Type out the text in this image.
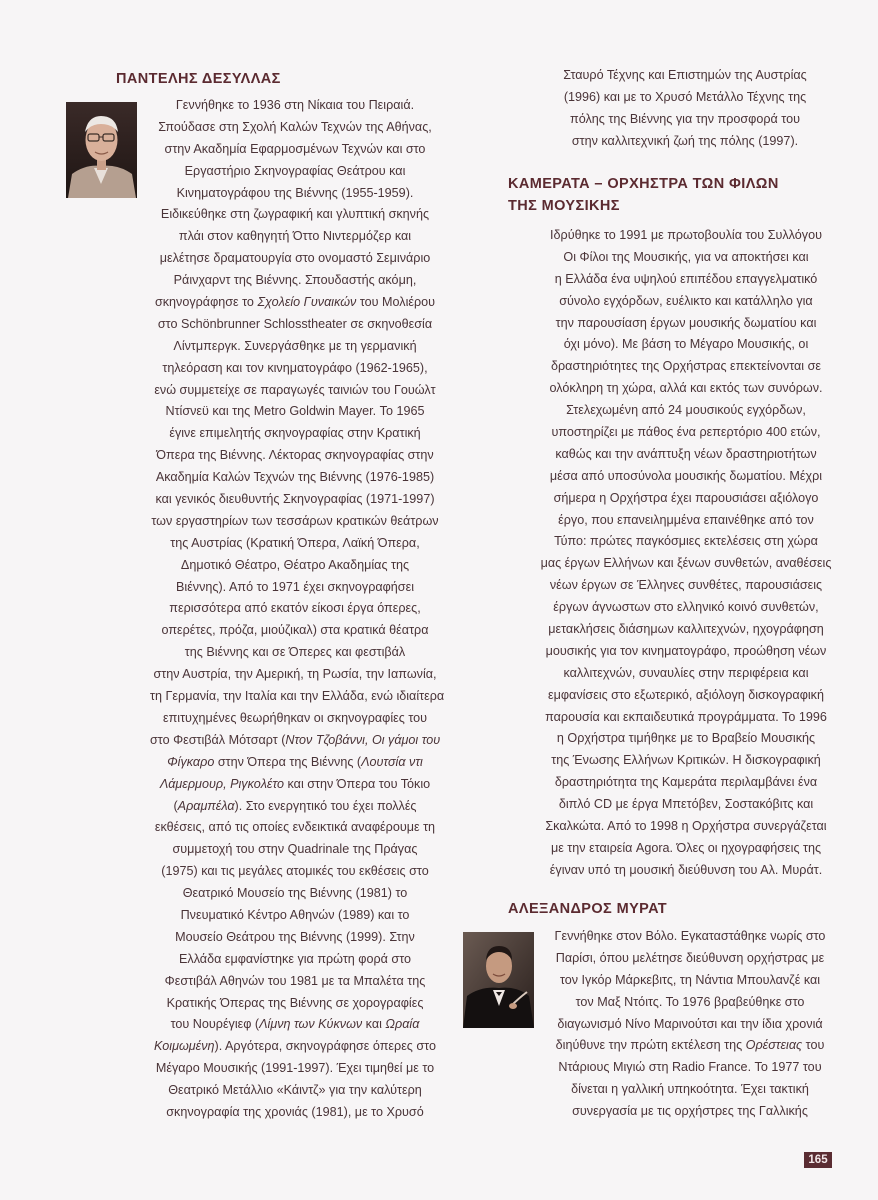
ΠΑΝΤΕΛΗΣ ΔΕΣΥΛΛΑΣ
Γεννήθηκε το 1936 στη Νίκαια του Πειραιά.
Σπούδασε στη Σχολή Καλών Τεχνών της Αθήνας,
στην Ακαδημία Εφαρμοσμένων Τεχνών και στο
Εργαστήριο Σκηνογραφίας Θεάτρου και
Κινηματογράφου της Βιέννης (1955-1959).
Ειδικεύθηκε στη ζωγραφική και γλυπτική σκηνής
πλάι στον καθηγητή Όττο Νιντερμόζερ και
μελέτησε δραματουργία στο ονομαστό Σεμινάριο
Ράινχαρντ της Βιέννης. Σπουδαστής ακόμη,
σκηνογράφησε το Σχολείο Γυναικών του Μολιέρου
στο Schönbrunner Schlosstheater σε σκηνοθεσία
Λίντμπεργκ. Συνεργάσθηκε με τη γερμανική
τηλεόραση και τον κινηματογράφο (1962-1965),
ενώ συμμετείχε σε παραγωγές ταινιών του Γουώλτ
Ντίσνεϋ και της Metro Goldwin Mayer. Το 1965
έγινε επιμελητής σκηνογραφίας στην Κρατική
Όπερα της Βιέννης. Λέκτορας σκηνογραφίας στην
Ακαδημία Καλών Τεχνών της Βιέννης (1976-1985)
και γενικός διευθυντής Σκηνογραφίας (1971-1997)
των εργαστηρίων των τεσσάρων κρατικών θεάτρων
της Αυστρίας (Κρατική Όπερα, Λαϊκή Όπερα,
Δημοτικό Θέατρο, Θέατρο Ακαδημίας της
Βιέννης). Από το 1971 έχει σκηνογραφήσει
περισσότερα από εκατόν είκοσι έργα όπερες,
οπερέτες, πρόζα, μιούζικαλ) στα κρατικά θέατρα
της Βιέννης και σε Όπερες και φεστιβάλ
στην Αυστρία, την Αμερική, τη Ρωσία, την Ιαπωνία,
τη Γερμανία, την Ιταλία και την Ελλάδα, ενώ ιδιαίτερα
επιτυχημένες θεωρήθηκαν οι σκηνογραφίες του
στο Φεστιβάλ Μότσαρτ (Ντον Τζοβάννι, Οι γάμοι του
Φίγκαρο στην Όπερα της Βιέννης (Λουτσία ντι
Λάμερμουρ, Ριγκολέτο και στην Όπερα του Τόκιο
(Αραμπέλα). Στο ενεργητικό του έχει πολλές
εκθέσεις, από τις οποίες ενδεικτικά αναφέρουμε τη
συμμετοχή του στην Quadrinale της Πράγας
(1975) και τις μεγάλες ατομικές του εκθέσεις στο
Θεατρικό Μουσείο της Βιέννης (1981) το
Πνευματικό Κέντρο Αθηνών (1989) και το
Μουσείο Θεάτρου της Βιέννης (1999). Στην
Ελλάδα εμφανίστηκε για πρώτη φορά στο
Φεστιβάλ Αθηνών του 1981 με τα Μπαλέτα της
Κρατικής Όπερας της Βιέννης σε χορογραφίες
του Νουρέγιεφ (Λίμνη των Κύκνων και Ωραία
Κοιμωμένη). Αργότερα, σκηνογράφησε όπερες στο
Μέγαρο Μουσικής (1991-1997). Έχει τιμηθεί με το
Θεατρικό Μετάλλιο «Κάιντζ» για την καλύτερη
σκηνογραφία της χρονιάς (1981), με το Χρυσό
Σταυρό Τέχνης και Επιστημών της Αυστρίας
(1996) και με το Χρυσό Μετάλλο Τέχνης της
πόλης της Βιέννης για την προσφορά του
στην καλλιτεχνική ζωή της πόλης (1997).
ΚΑΜΕΡΑΤΑ – ΟΡΧΗΣΤΡΑ ΤΩΝ ΦΙΛΩΝ
ΤΗΣ ΜΟΥΣΙΚΗΣ
Ιδρύθηκε το 1991 με πρωτοβουλία του Συλλόγου
Οι Φίλοι της Μουσικής, για να αποκτήσει και
η Ελλάδα ένα υψηλού επιπέδου επαγγελματικό
σύνολο εγχόρδων, ευέλικτο και κατάλληλο για
την παρουσίαση έργων μουσικής δωματίου και
όχι μόνο). Με βάση το Μέγαρο Μουσικής, οι
δραστηριότητες της Ορχήστρας επεκτείνονται σε
ολόκληρη τη χώρα, αλλά και εκτός των συνόρων.
Στελεχωμένη από 24 μουσικούς εγχόρδων,
υποστηρίζει με πάθος ένα ρεπερτόριο 400 ετών,
καθώς και την ανάπτυξη νέων δραστηριοτήτων
μέσα από υποσύνολα μουσικής δωματίου. Μέχρι
σήμερα η Ορχήστρα έχει παρουσιάσει αξιόλογο
έργο, που επανειλημμένα επαινέθηκε από τον
Τύπο: πρώτες παγκόσμιες εκτελέσεις στη χώρα
μας έργων Ελλήνων και ξένων συνθετών, αναθέσεις
νέων έργων σε Έλληνες συνθέτες, παρουσιάσεις
έργων άγνωστων στο ελληνικό κοινό συνθετών,
μετακλήσεις διάσημων καλλιτεχνών, ηχογράφηση
μουσικής για τον κινηματογράφο, προώθηση νέων
καλλιτεχνών, συναυλίες στην περιφέρεια και
εμφανίσεις στο εξωτερικό, αξιόλογη δισκογραφική
παρουσία και εκπαιδευτικά προγράμματα. Το 1996
η Ορχήστρα τιμήθηκε με το Βραβείο Μουσικής
της Ένωσης Ελλήνων Κριτικών. Η δισκογραφική
δραστηριότητα της Καμεράτα περιλαμβάνει ένα
διπλό CD με έργα Μπετόβεν, Σοστακόβιτς και
Σκαλκώτα. Από το 1998 η Ορχήστρα συνεργάζεται
με την εταιρεία Agora. Όλες οι ηχογραφήσεις της
έγιναν υπό τη μουσική διεύθυνση του Αλ. Μυράτ.
ΑΛΕΞΑΝΔΡΟΣ ΜΥΡΑΤ
Γεννήθηκε στον Βόλο. Εγκαταστάθηκε νωρίς στο
Παρίσι, όπου μελέτησε διεύθυνση ορχήστρας με
τον Ιγκόρ Μάρκεβιτς, τη Νάντια Μπουλανζέ και
τον Μαξ Ντόιτς. Το 1976 βραβεύθηκε στο
διαγωνισμό Νίνο Μαρινούτσι και την ίδια χρονιά
διηύθυνε την πρώτη εκτέλεση της Ορέστειας του
Ντάριους Μιγιώ στη Radio France. Το 1977 του
δίνεται η γαλλική υπηκοότητα. Έχει τακτική
συνεργασία με τις ορχήστρες της Γαλλικής
165
